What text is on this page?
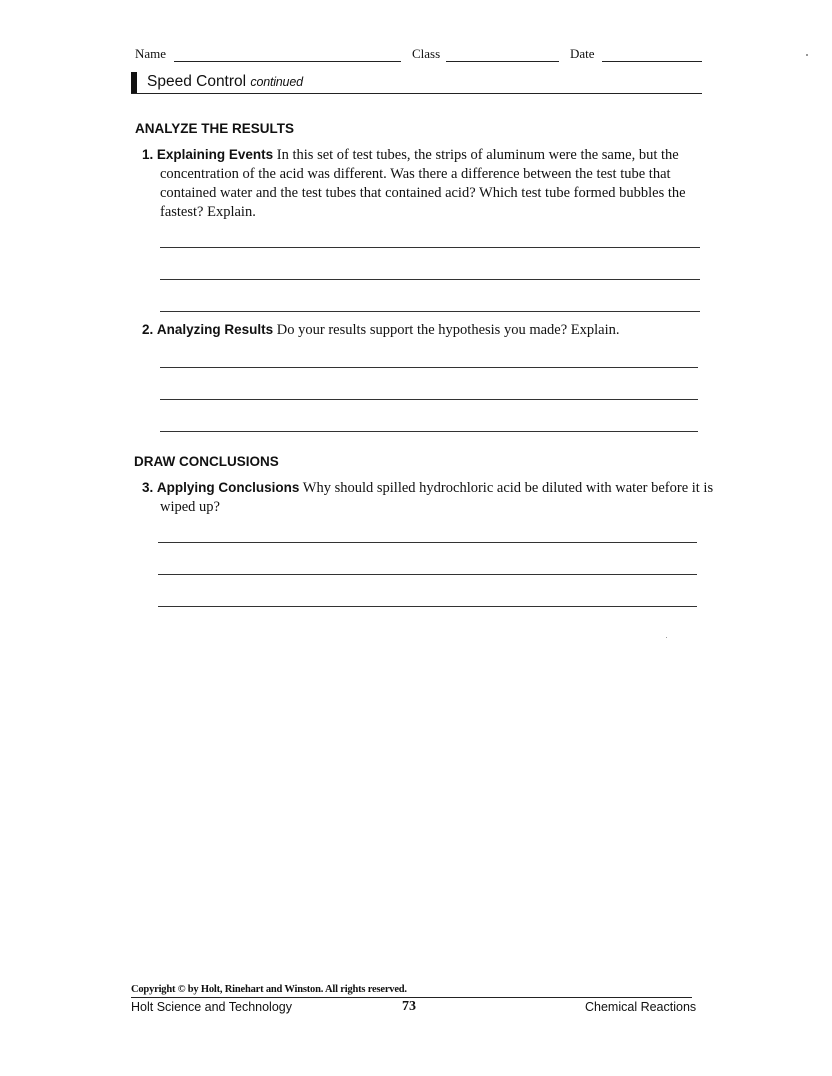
Name	Class	Date
Speed Control continued
ANALYZE THE RESULTS
1. Explaining Events In this set of test tubes, the strips of aluminum were the same, but the concentration of the acid was different. Was there a difference between the test tube that contained water and the test tubes that contained acid? Which test tube formed bubbles the fastest? Explain.
2. Analyzing Results Do your results support the hypothesis you made? Explain.
DRAW CONCLUSIONS
3. Applying Conclusions Why should spilled hydrochloric acid be diluted with water before it is wiped up?
Copyright © by Holt, Rinehart and Winston. All rights reserved.
Holt Science and Technology	73	Chemical Reactions
